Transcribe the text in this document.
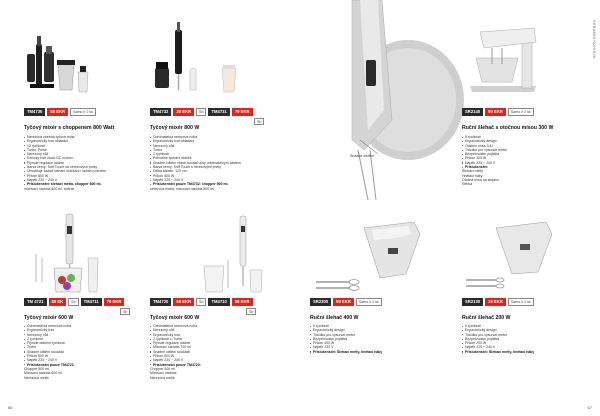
KERAMIA KUHINJA
66	67
TM4735	59 EKR	Samo ir 2 kk
Tyčový mixér s choppenem 800 Watt
Nerezová ohebná tyčová noha
Ergonomický tvar ukládání
12 rychlostí
Turbo, Pulse
Nerezový nůž
Kónicky tvar okolo DC motoru
Plynulé regulace otáček
Barva černý: Soft Touch na nerezových prvky
Umožňuje každá šlehání mačkání i sekání potravin
Příkon 800 W
Napětí 220 ~ 240 V
Příslušenství: šlehací metla, chopper 800 ml,
mixovací nádoba 800 ml, sběrač
TM4732	39 EKR	Sb	TM4731	79 EKR
Sb
Tyčový mixér 800 W
Odnímatelná nerezová noha
Ergonomický tvar ukládání
Nerezový nůž
Turbo
2 rychlosti
Pohodlné spínání otáček
Snadné čištění všech kousků díky odnímatelným částem
Barva černý: Soft Touch s nerezovými prvky
Délka kabelu: 120 cm
Příkon 800 W
Napětí 220 ~ 240 V
Příslušenství pouze TM4732: chopper 500 ml,
nerezová metla, mixovací nádoba 800 ml
TM 4721	89 EK	Sb	TM4711	79 EKR
Sb
Tyčový mixér 600 W
Odnímatelná nerezová noha
Ergonomický tvar
Nerezový nůž
2 rychlosti
Plynulé otáčení rychlostí
Turbo
Snadné čištění součástí
Příkon 600 W
Napětí 220 ~ 240 V
Příslušenství pouze TM4721:
Chopper 500 ml
Mixovací nádoba 600 ml
Nerezová metla
TM4720	69 EKR	Sb	TM4710	59 EKR
Sb
Tyčový mixér 600 W
Odnímatelná nerezová noha
Nerezový nůž
Ergonomický tvar
2 rychlosti i / Turbo
Plynulé regulace otáček
Mixovací nádoba 700 ml
Snadné čištění součástí
Příkon 600 W
Napětí 220 ~ 240 V
Příslušenství pouze TM4720:
Chopper 500 ml
Mixovací nádoba
Nerezová metla
Snadné čištění
SR2140	59 EKR	Samo ir 2 kk
Ruční šlehač s otočnou mísou 300 W
5 rychlostí
Ergonomický design
Otáčecí mísa 3,4 l
Tlačítko pro vysunutí metel
Bezpečnostní pojistka
Příkon 300 W
Napětí 220 ~ 240 V
Příslušenství:
Šlehací metly
Hnětací háky
Otočná mísa na stojanu
Stěrka
SR2300	59 EKR	Samo ir 2 kk
Ruční šlehač 400 W
5 rychlostí
Ergonomický design
Tlačítko pro vysunutí metel
Bezpečnostní pojistka
Příkon 400 W
Napětí 230 V
Příslušenství: Šlehací metly, hnětací háky
SR2130	39 EKR	Samo ir 2 kk
Ruční šlehač 200 W
5 rychlostí
Ergonomický design
Tlačítko pro vysunutí metel
Bezpečnostní pojistka
Příkon 200 W
Napětí 220 ~ 240 V
Příslušenství: Šlehací metly, hnětací háky
